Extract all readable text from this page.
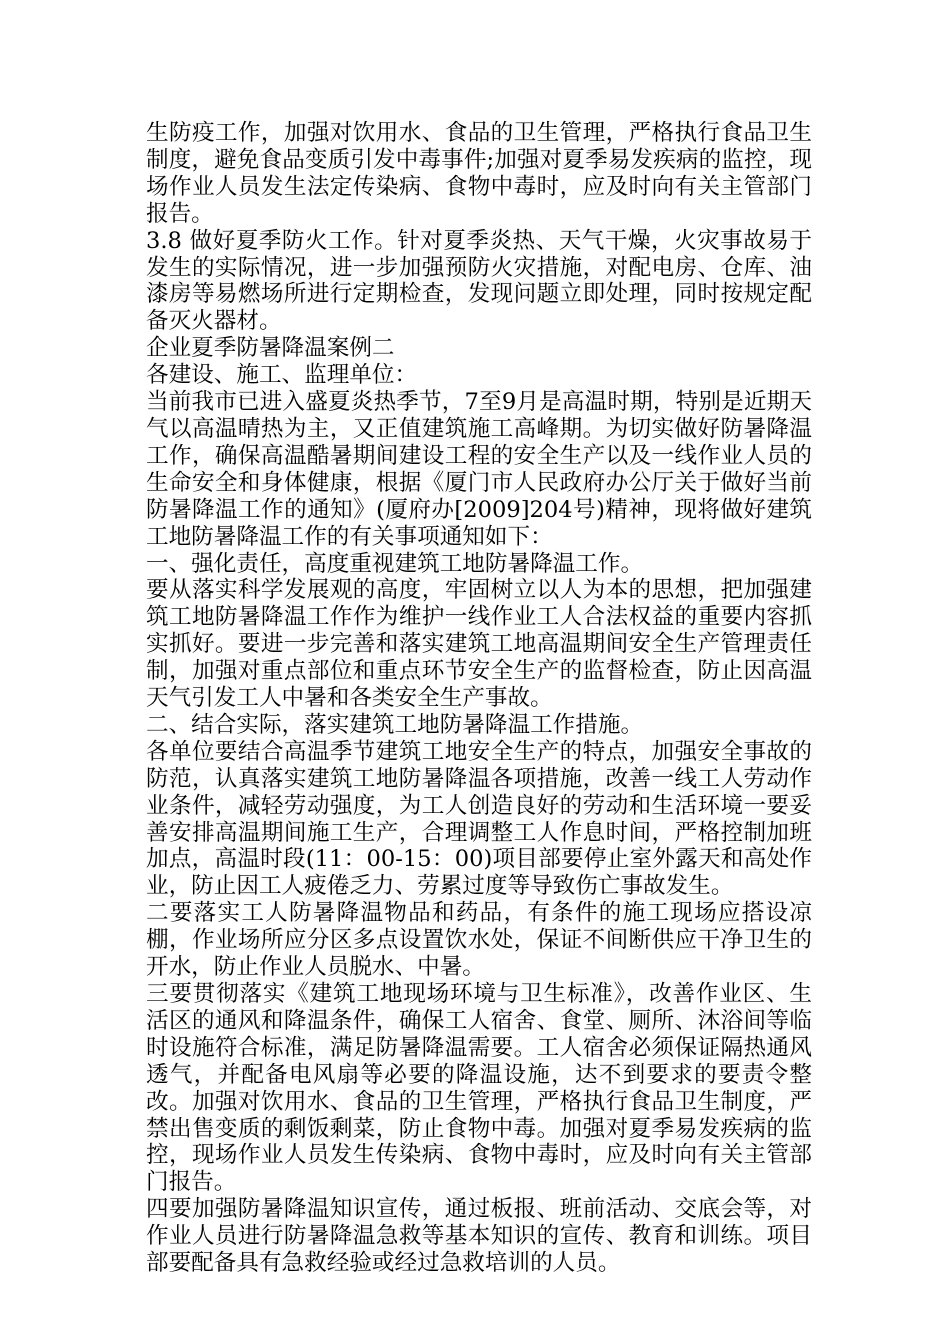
生防疫工作，加强对饮用水、食品的卫生管理，严格执行食品卫生制度，避免食品变质引发中毒事件;加强对夏季易发疾病的监控，现场作业人员发生法定传染病、食物中毒时，应及时向有关主管部门报告。

3.8 做好夏季防火工作。针对夏季炎热、天气干燥，火灾事故易于发生的实际情况，进一步加强预防火灾措施，对配电房、仓库、油漆房等易燃场所进行定期检查，发现问题立即处理，同时按规定配备灭火器材。

企业夏季防暑降温案例二

各建设、施工、监理单位：

当前我市已进入盛夏炎热季节，7至9月是高温时期，特别是近期天气以高温晴热为主，又正值建筑施工高峰期。为切实做好防暑降温工作，确保高温酷暑期间建设工程的安全生产以及一线作业人员的生命安全和身体健康，根据《厦门市人民政府办公厅关于做好当前防暑降温工作的通知》(厦府办[2009]204号)精神，现将做好建筑工地防暑降温工作的有关事项通知如下：

一、强化责任，高度重视建筑工地防暑降温工作。

要从落实科学发展观的高度，牢固树立以人为本的思想，把加强建筑工地防暑降温工作作为维护一线作业工人合法权益的重要内容抓实抓好。要进一步完善和落实建筑工地高温期间安全生产管理责任制，加强对重点部位和重点环节安全生产的监督检查，防止因高温天气引发工人中暑和各类安全生产事故。

二、结合实际，落实建筑工地防暑降温工作措施。

各单位要结合高温季节建筑工地安全生产的特点，加强安全事故的防范，认真落实建筑工地防暑降温各项措施，改善一线工人劳动作业条件，减轻劳动强度，为工人创造良好的劳动和生活环境一要妥善安排高温期间施工生产，合理调整工人作息时间，严格控制加班加点，高温时段(11：00-15：00)项目部要停止室外露天和高处作业，防止因工人疲倦乏力、劳累过度等导致伤亡事故发生。

二要落实工人防暑降温物品和药品，有条件的施工现场应搭设凉棚，作业场所应分区多点设置饮水处，保证不间断供应干净卫生的开水，防止作业人员脱水、中暑。

三要贯彻落实《建筑工地现场环境与卫生标准》，改善作业区、生活区的通风和降温条件，确保工人宿舍、食堂、厕所、沐浴间等临时设施符合标准，满足防暑降温需要。工人宿舍必须保证隔热通风透气，并配备电风扇等必要的降温设施，达不到要求的要责令整改。加强对饮用水、食品的卫生管理，严格执行食品卫生制度，严禁出售变质的剩饭剩菜，防止食物中毒。加强对夏季易发疾病的监控，现场作业人员发生传染病、食物中毒时，应及时向有关主管部门报告。

四要加强防暑降温知识宣传，通过板报、班前活动、交底会等，对作业人员进行防暑降温急救等基本知识的宣传、教育和训练。项目部要配备具有急救经验或经过急救培训的人员。
